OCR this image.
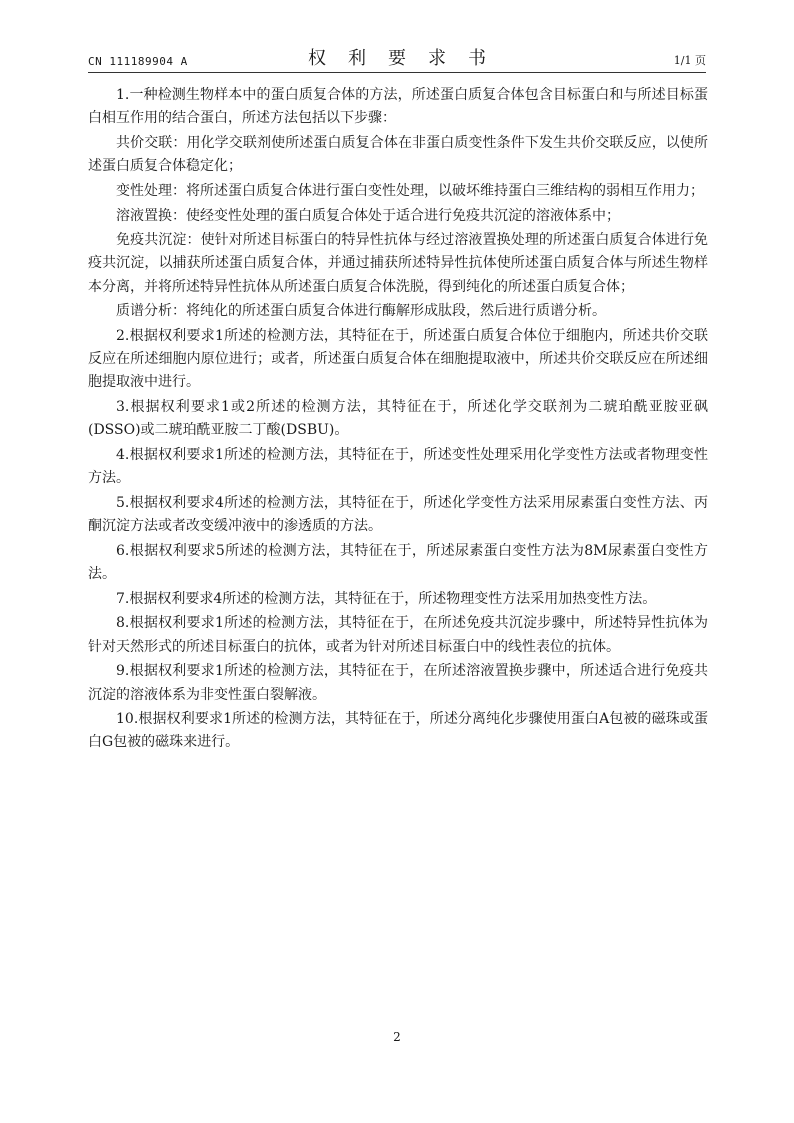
CN 111189904 A	权利要求书	1/1 页

1.一种检测生物样本中的蛋白质复合体的方法，所述蛋白质复合体包含目标蛋白和与所述目标蛋白相互作用的结合蛋白，所述方法包括以下步骤：

共价交联：用化学交联剂使所述蛋白质复合体在非蛋白质变性条件下发生共价交联反应，以使所述蛋白质复合体稳定化；

变性处理：将所述蛋白质复合体进行蛋白变性处理，以破坏维持蛋白三维结构的弱相互作用力；

溶液置换：使经变性处理的蛋白质复合体处于适合进行免疫共沉淀的溶液体系中；

免疫共沉淀：使针对所述目标蛋白的特异性抗体与经过溶液置换处理的所述蛋白质复合体进行免疫共沉淀，以捕获所述蛋白质复合体，并通过捕获所述特异性抗体使所述蛋白质复合体与所述生物样本分离，并将所述特异性抗体从所述蛋白质复合体洗脱，得到纯化的所述蛋白质复合体；

质谱分析：将纯化的所述蛋白质复合体进行酶解形成肽段，然后进行质谱分析。

2.根据权利要求1所述的检测方法，其特征在于，所述蛋白质复合体位于细胞内，所述共价交联反应在所述细胞内原位进行；或者，所述蛋白质复合体在细胞提取液中，所述共价交联反应在所述细胞提取液中进行。

3.根据权利要求1或2所述的检测方法，其特征在于，所述化学交联剂为二琥珀酰亚胺亚砜(DSSO)或二琥珀酰亚胺二丁酸(DSBU)。

4.根据权利要求1所述的检测方法，其特征在于，所述变性处理采用化学变性方法或者物理变性方法。

5.根据权利要求4所述的检测方法，其特征在于，所述化学变性方法采用尿素蛋白变性方法、丙酮沉淀方法或者改变缓冲液中的渗透质的方法。

6.根据权利要求5所述的检测方法，其特征在于，所述尿素蛋白变性方法为8M尿素蛋白变性方法。

7.根据权利要求4所述的检测方法，其特征在于，所述物理变性方法采用加热变性方法。

8.根据权利要求1所述的检测方法，其特征在于，在所述免疫共沉淀步骤中，所述特异性抗体为针对天然形式的所述目标蛋白的抗体，或者为针对所述目标蛋白中的线性表位的抗体。

9.根据权利要求1所述的检测方法，其特征在于，在所述溶液置换步骤中，所述适合进行免疫共沉淀的溶液体系为非变性蛋白裂解液。

10.根据权利要求1所述的检测方法，其特征在于，所述分离纯化步骤使用蛋白A包被的磁珠或蛋白G包被的磁珠来进行。

2
